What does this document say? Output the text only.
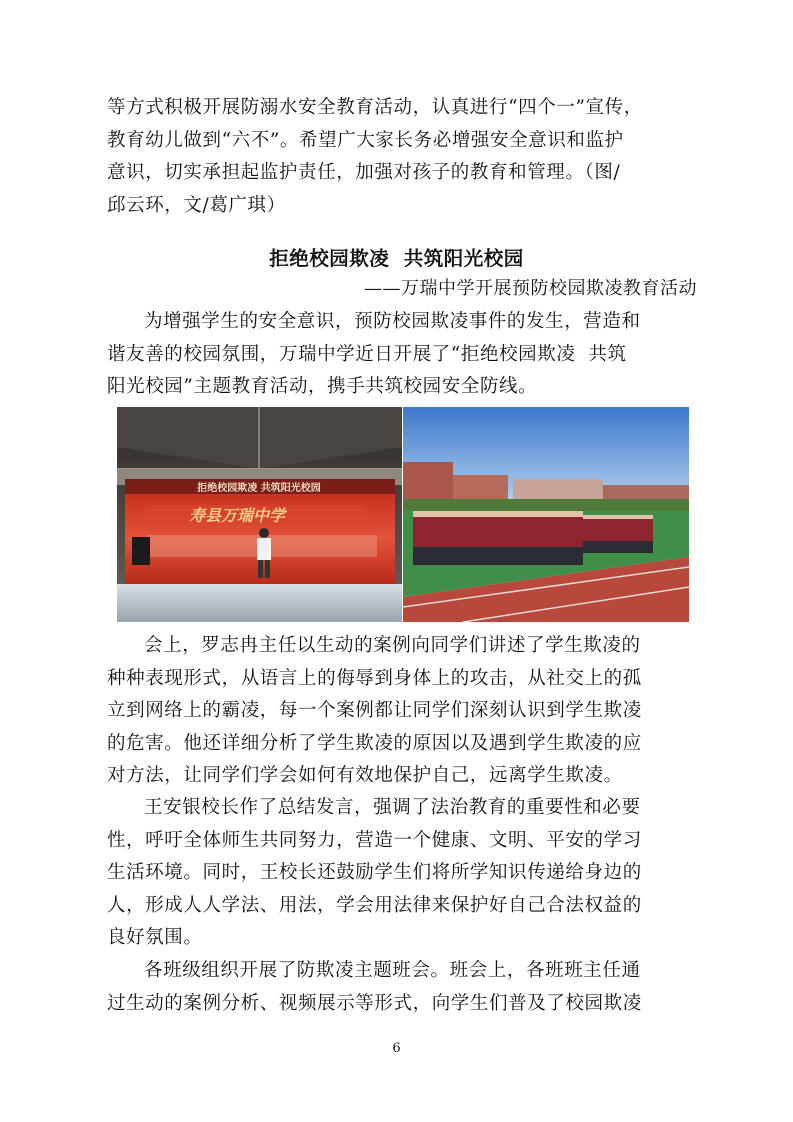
等方式积极开展防溺水安全教育活动，认真进行“四个一”宣传，
教育幼儿做到“六不”。希望广大家长务必增强安全意识和监护
意识，切实承担起监护责任，加强对孩子的教育和管理。（图/
邱云环，文/葛广琪）
拒绝校园欺凌  共筑阳光校园
——万瑞中学开展预防校园欺凌教育活动
为增强学生的安全意识，预防校园欺凌事件的发生，营造和
谐友善的校园氛围，万瑞中学近日开展了“拒绝校园欺凌  共筑
阳光校园”主题教育活动，携手共筑校园安全防线。
拒绝校园欺凌 共筑阳光校园
寿县万瑞中学
会上，罗志冉主任以生动的案例向同学们讲述了学生欺凌的
种种表现形式，从语言上的侮辱到身体上的攻击，从社交上的孤
立到网络上的霸凌，每一个案例都让同学们深刻认识到学生欺凌
的危害。他还详细分析了学生欺凌的原因以及遇到学生欺凌的应
对方法，让同学们学会如何有效地保护自己，远离学生欺凌。
王安银校长作了总结发言，强调了法治教育的重要性和必要
性，呼吁全体师生共同努力，营造一个健康、文明、平安的学习
生活环境。同时，王校长还鼓励学生们将所学知识传递给身边的
人，形成人人学法、用法，学会用法律来保护好自己合法权益的
良好氛围。
各班级组织开展了防欺凌主题班会。班会上，各班班主任通
过生动的案例分析、视频展示等形式，向学生们普及了校园欺凌
6
